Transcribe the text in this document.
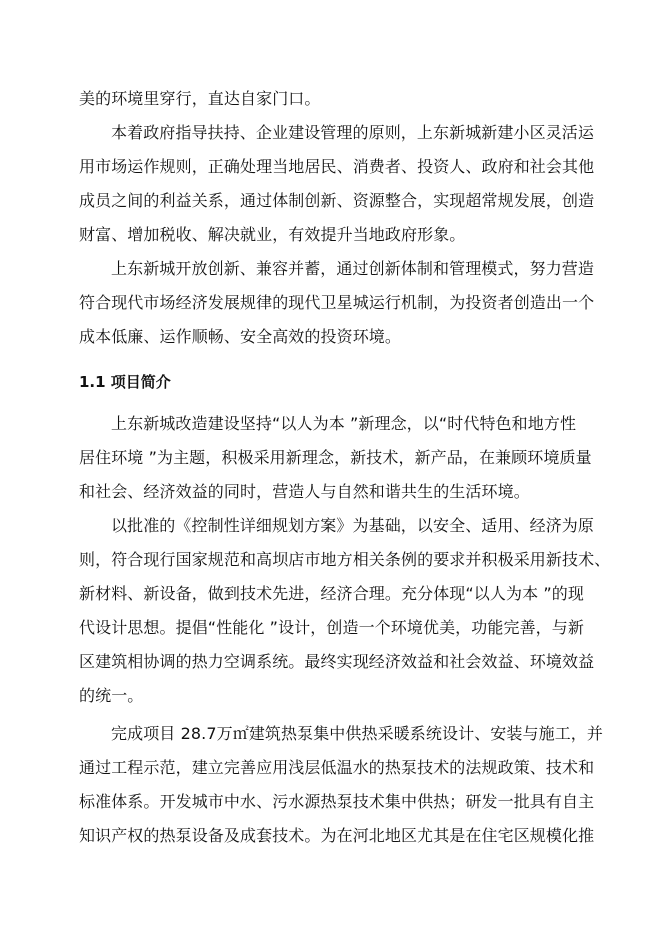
美的环境里穿行，直达自家门口。
本着政府指导扶持、企业建设管理的原则，上东新城新建小区灵活运
用市场运作规则，正确处理当地居民、消费者、投资人、政府和社会其他
成员之间的利益关系，通过体制创新、资源整合，实现超常规发展，创造
财富、增加税收、解决就业，有效提升当地政府形象。
上东新城开放创新、兼容并蓄，通过创新体制和管理模式，努力营造
符合现代市场经济发展规律的现代卫星城运行机制，为投资者创造出一个
成本低廉、运作顺畅、安全高效的投资环境。
1.1 项目简介
上东新城改造建设坚持“以人为本 ”新理念，以“时代特色和地方性
居住环境 ”为主题，积极采用新理念，新技术，新产品，在兼顾环境质量
和社会、经济效益的同时，营造人与自然和谐共生的生活环境。
以批准的《控制性详细规划方案》为基础，以安全、适用、经济为原
则，符合现行国家规范和高坝店市地方相关条例的要求并积极采用新技术、
新材料、新设备，做到技术先进，经济合理。充分体现“以人为本 ”的现
代设计思想。提倡“性能化 ”设计，创造一个环境优美，功能完善，与新
区建筑相协调的热力空调系统。最终实现经济效益和社会效益、环境效益
的统一。
完成项目 28.7万㎡建筑热泵集中供热采暖系统设计、安装与施工，并
通过工程示范，建立完善应用浅层低温水的热泵技术的法规政策、技术和
标准体系。开发城市中水、污水源热泵技术集中供热；研发一批具有自主
知识产权的热泵设备及成套技术。为在河北地区尤其是在住宅区规模化推
